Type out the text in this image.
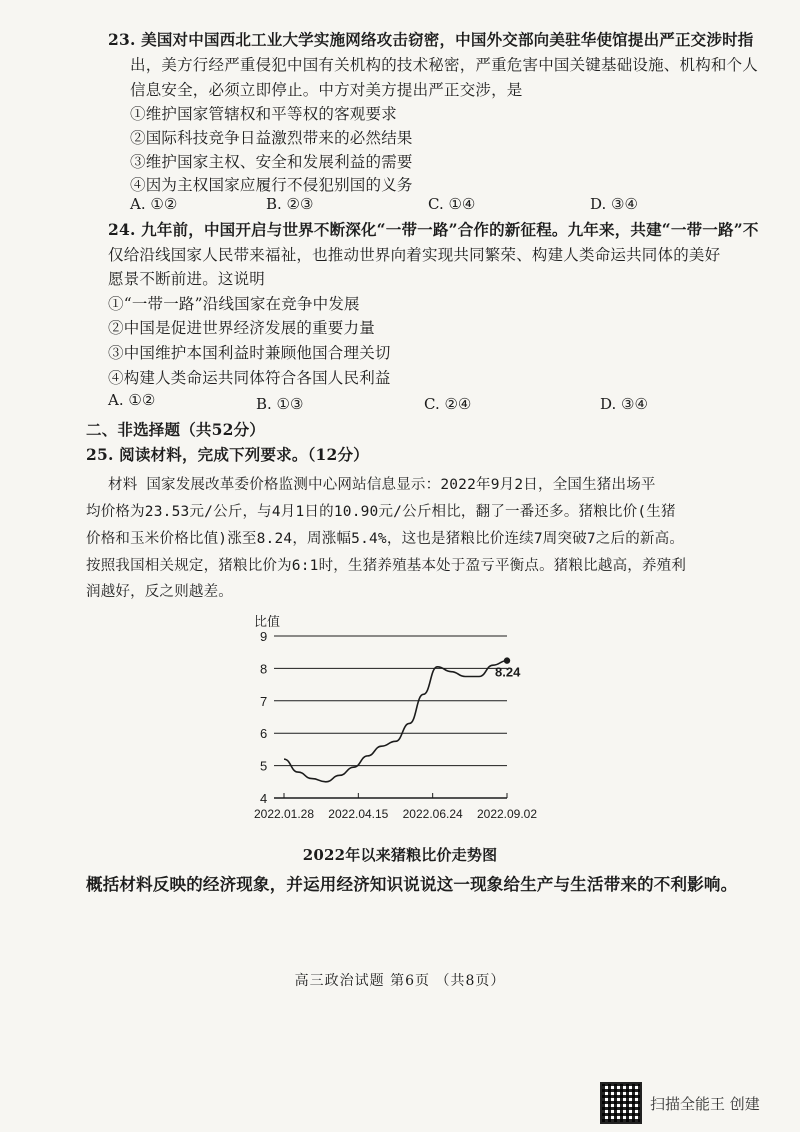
23. 美国对中国西北工业大学实施网络攻击窃密，中国外交部向美驻华使馆提出严正交涉时指
出，美方行经严重侵犯中国有关机构的技术秘密，严重危害中国关键基础设施、机构和个人
信息安全，必须立即停止。中方对美方提出严正交涉，是
①维护国家管辖权和平等权的客观要求
②国际科技竞争日益激烈带来的必然结果
③维护国家主权、安全和发展利益的需要
④因为主权国家应履行不侵犯别国的义务
A. ①②	B. ②③	C. ①④	D. ③④
24. 九年前，中国开启与世界不断深化“一带一路”合作的新征程。九年来，共建“一带一路”不
仅给沿线国家人民带来福祉，也推动世界向着实现共同繁荣、构建人类命运共同体的美好
愿景不断前进。这说明
①“一带一路”沿线国家在竞争中发展
②中国是促进世界经济发展的重要力量
③中国维护本国利益时兼顾他国合理关切
④构建人类命运共同体符合各国人民利益
A. ①②	B. ①③	C. ②④	D. ③④
二、非选择题（共52分）
25. 阅读材料，完成下列要求。（12分）
材料 国家发展改革委价格监测中心网站信息显示：2022年9月2日，全国生猪出场平
均价格为23.53元/公斤，与4月1日的10.90元/公斤相比，翻了一番还多。猪粮比价(生猪
价格和玉米价格比值)涨至8.24，周涨幅5.4%，这也是猪粮比价连续7周突破7之后的新高。
按照我国相关规定，猪粮比价为6:1时，生猪养殖基本处于盈亏平衡点。猪粮比越高，养殖利
润越好，反之则越差。
比值
4
5
6
7
8
9
2022.01.28 2022.04.15 2022.06.24 2022.09.02
8.24
2022年以来猪粮比价走势图
概括材料反映的经济现象，并运用经济知识说说这一现象给生产与生活带来的不利影响。
高三政治试题 第6页 （共8页）
扫描全能王 创建
